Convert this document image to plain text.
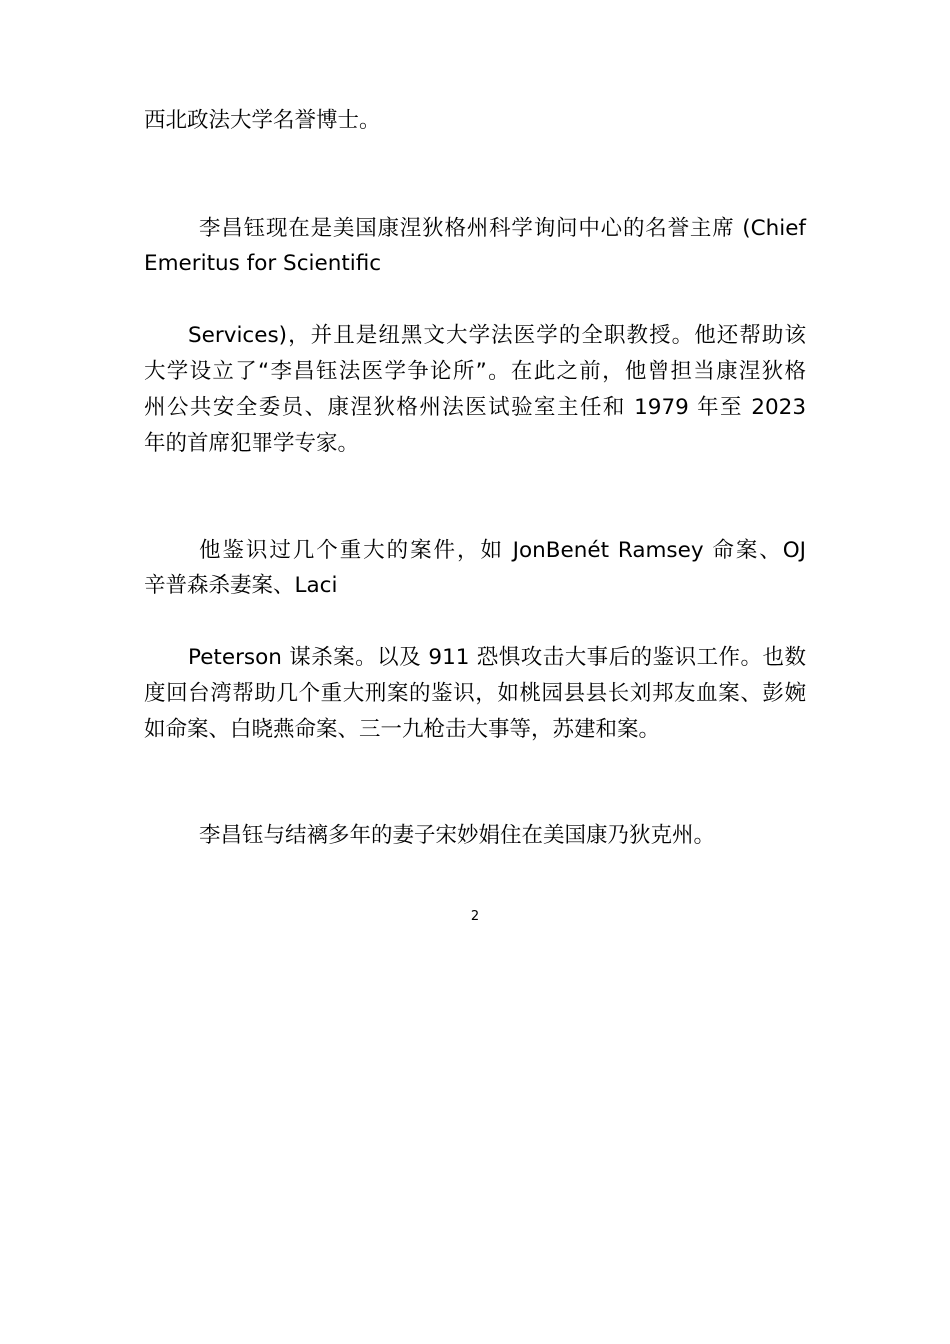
西北政法大学名誉博士。
李昌钰现在是美国康涅狄格州科学询问中心的名誉主席 (Chief
Emeritus for Scientific
Services)，并且是纽黑文大学法医学的全职教授。他还帮助该
大学设立了“李昌钰法医学争论所”。在此之前，他曾担当康涅狄格
州公共安全委员、康涅狄格州法医试验室主任和 1979 年至 2023
年的首席犯罪学专家。
他鉴识过几个重大的案件，如 JonBenét Ramsey 命案、OJ
辛普森杀妻案、Laci
Peterson 谋杀案。以及 911 恐惧攻击大事后的鉴识工作。也数
度回台湾帮助几个重大刑案的鉴识，如桃园县县长刘邦友血案、彭婉
如命案、白晓燕命案、三一九枪击大事等，苏建和案。
李昌钰与结褵多年的妻子宋妙娟住在美国康乃狄克州。
2
